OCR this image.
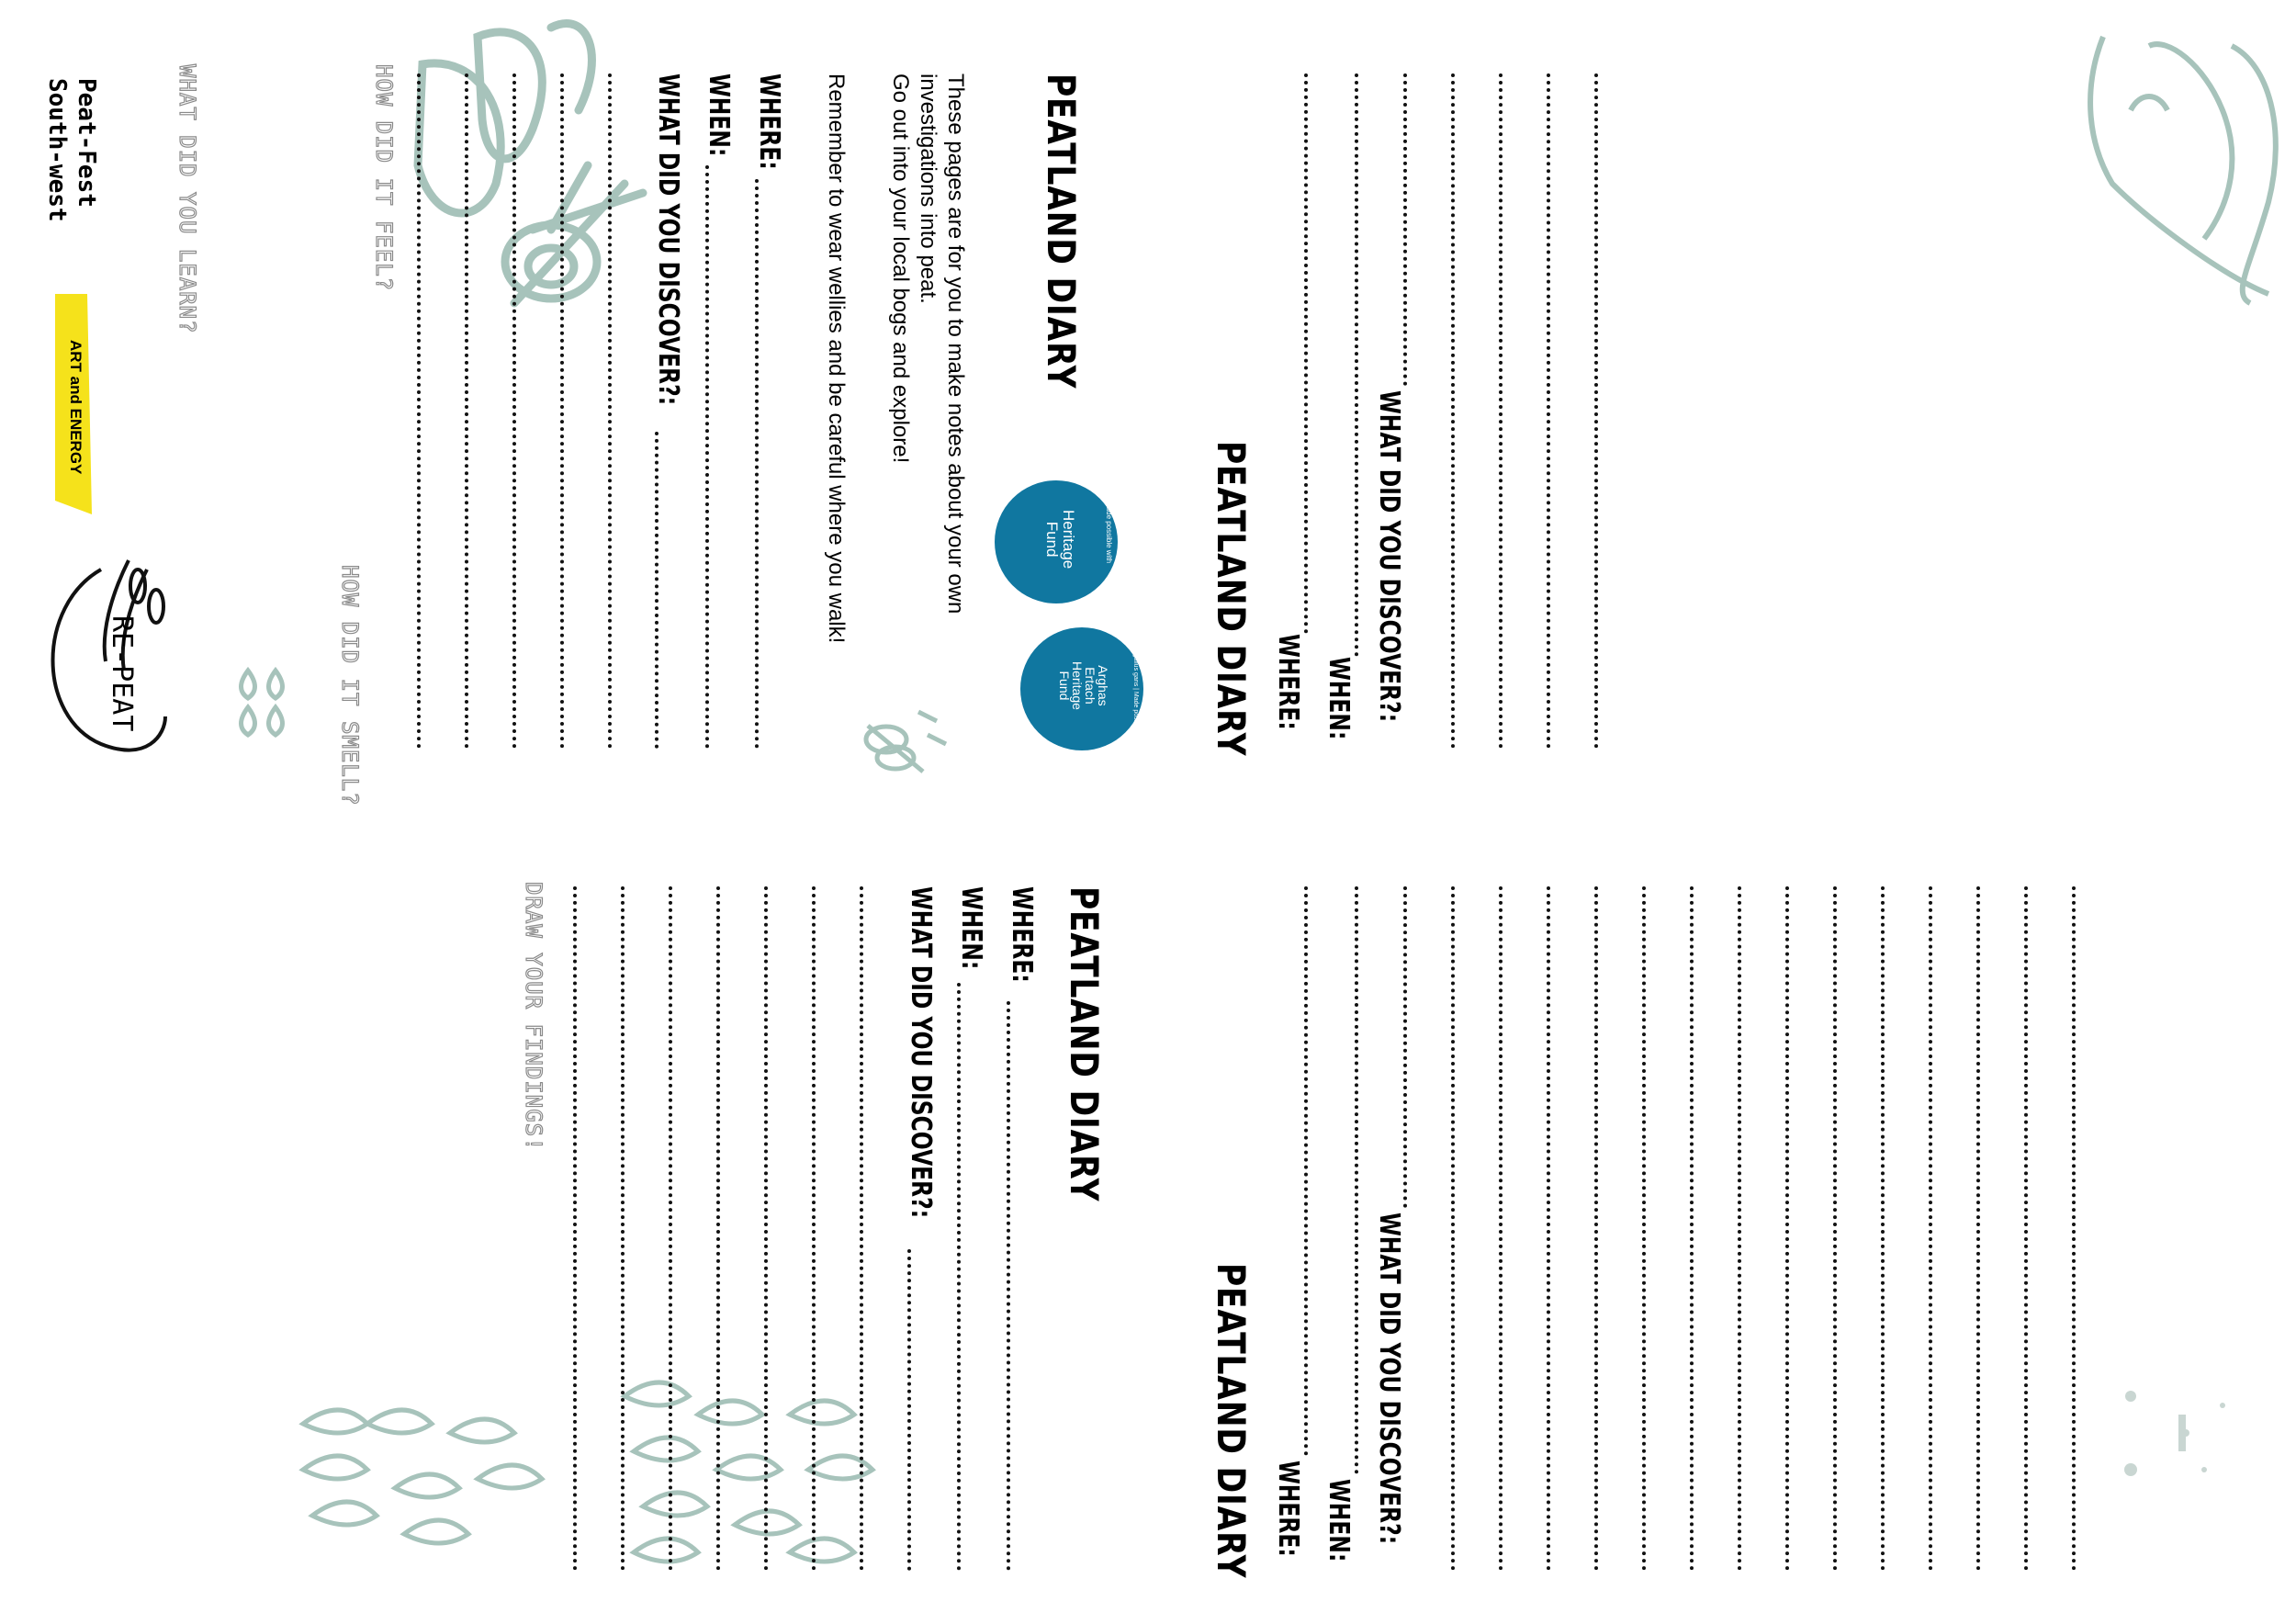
PEATLAND DIARY
These pages are for you to make notes about your own
investigations into peat.
Go out into your local bogs and explore!
Remember to wear wellies and be careful where you walk!
WHERE:
WHEN:
WHAT DID YOU DISCOVER?:
HOW DID IT FEEL?
HOW DID IT SMELL?
WHAT DID YOU LEARN?
Peat-Fest
South-west
ART and ENERGY
RE-PEAT
Heritage
Fund	Made possible with
Arghas
Ertach
Heritage
Fund	Gwrys gallus gans | Made possible PEATLAND DIARY WHERE: WHEN: WHAT DID YOU DISCOVER?:
PEATLAND DIARY
WHERE:
WHEN:
WHAT DID YOU DISCOVER?:
DRAW YOUR FINDINGS!
PEATLAND DIARY WHERE: WHEN: WHAT DID YOU DISCOVER?:
